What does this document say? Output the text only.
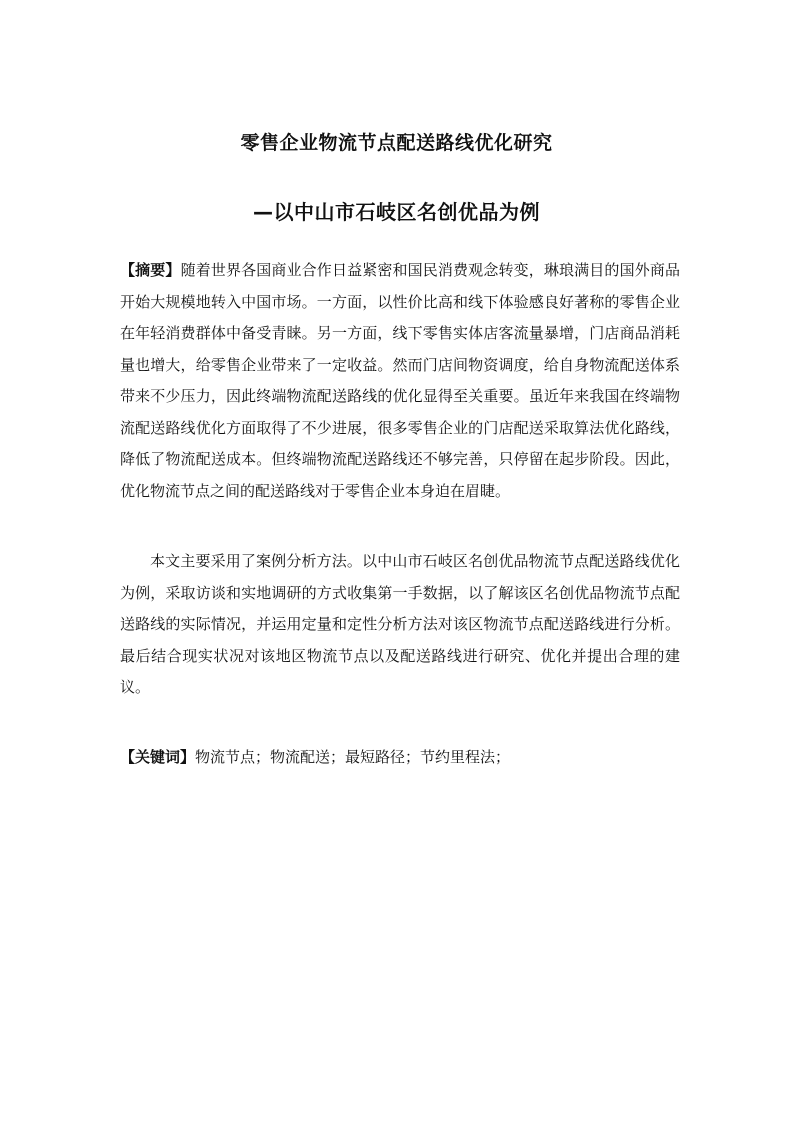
零售企业物流节点配送路线优化研究
—以中山市石岐区名创优品为例

【摘要】随着世界各国商业合作日益紧密和国民消费观念转变，琳琅满目的国外商品开始大规模地转入中国市场。一方面，以性价比高和线下体验感良好著称的零售企业在年轻消费群体中备受青睐。另一方面，线下零售实体店客流量暴增，门店商品消耗量也增大，给零售企业带来了一定收益。然而门店间物资调度，给自身物流配送体系带来不少压力，因此终端物流配送路线的优化显得至关重要。虽近年来我国在终端物流配送路线优化方面取得了不少进展，很多零售企业的门店配送采取算法优化路线，降低了物流配送成本。但终端物流配送路线还不够完善，只停留在起步阶段。因此，优化物流节点之间的配送路线对于零售企业本身迫在眉睫。

本文主要采用了案例分析方法。以中山市石岐区名创优品物流节点配送路线优化为例，采取访谈和实地调研的方式收集第一手数据，以了解该区名创优品物流节点配送路线的实际情况，并运用定量和定性分析方法对该区物流节点配送路线进行分析。最后结合现实状况对该地区物流节点以及配送路线进行研究、优化并提出合理的建议。

【关键词】物流节点；物流配送；最短路径；节约里程法；
